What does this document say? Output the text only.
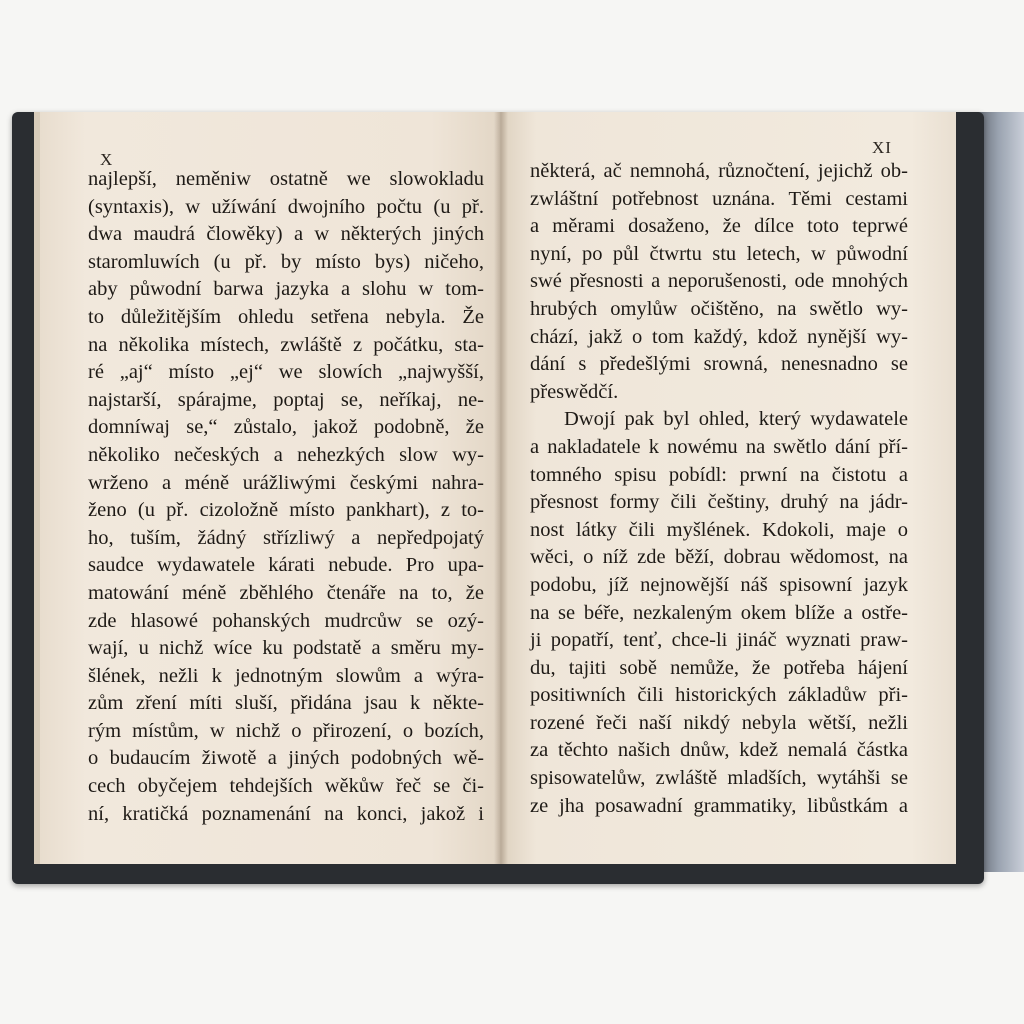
X
XI
najlepší, neměniw ostatně we slowokladu
(syntaxis), w užíwání dwojního počtu (u př.
dwa maudrá člowěky) a w některých jiných
staromluwích (u př. by místo bys) ničeho,
aby půwodní barwa jazyka a slohu w tom-
to důležitějším ohledu setřena nebyla. Že
na několika místech, zwláště z počátku, sta-
ré „aj“ místo „ej“ we slowích „najwyšší,
najstarší, spárajme, poptaj se, neříkaj, ne-
domníwaj se,“ zůstalo, jakož podobně, že
několiko nečeských a nehezkých slow wy-
wrženo a méně urážliwými českými nahra-
ženo (u př. cizoložně místo pankhart), z to-
ho, tuším, žádný střízliwý a nepředpojatý
saudce wydawatele kárati nebude. Pro upa-
matowání méně zběhlého čtenáře na to, že
zde hlasowé pohanských mudrcůw se ozý-
wají, u nichž wíce ku podstatě a směru my-
šlének, nežli k jednotným slowům a wýra-
zům zření míti sluší, přidána jsau k někte-
rým místům, w nichž o přirození, o bozích,
o budaucím žiwotě a jiných podobných wě-
cech obyčejem tehdejších wěkůw řeč se či-
ní, kratičká poznamenání na konci, jakož i
některá, ač nemnohá, různočtení, jejichž ob-
zwláštní potřebnost uznána. Těmi cestami
a měrami dosaženo, že dílce toto teprwé
nyní, po půl čtwrtu stu letech, w půwodní
swé přesnosti a neporušenosti, ode mnohých
hrubých omylůw očištěno, na swětlo wy-
chází, jakž o tom každý, kdož nynější wy-
dání s předešlými srowná, nenesnadno se
přeswědčí.
Dwojí pak byl ohled, který wydawatele
a nakladatele k nowému na swětlo dání pří-
tomného spisu pobídl: prwní na čistotu a
přesnost formy čili češtiny, druhý na jádr-
nost látky čili myšlének. Kdokoli, maje o
wěci, o níž zde běží, dobrau wědomost, na
podobu, jíž nejnowější náš spisowní jazyk
na se béře, nezkaleným okem blíže a ostře-
ji popatří, tenť, chce-li jináč wyznati praw-
du, tajiti sobě nemůže, že potřeba hájení
positiwních čili historických základůw při-
rozené řeči naší nikdý nebyla wětší, nežli
za těchto našich dnůw, kdež nemalá částka
spisowatelůw, zwláště mladších, wytáhši se
ze jha posawadní grammatiky, libůstkám a
